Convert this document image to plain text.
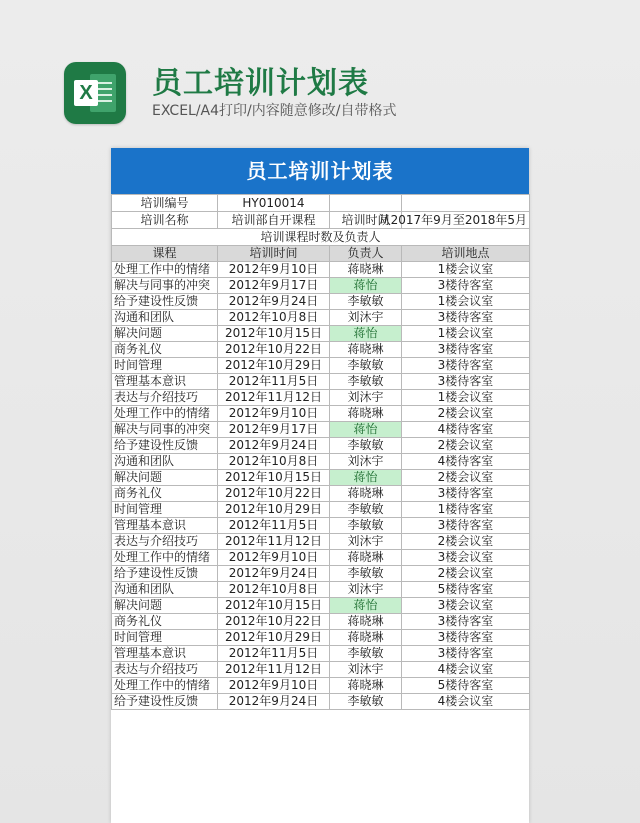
X 员工培训计划表
EXCEL/A4打印/内容随意修改/自带格式
员工培训计划表
培训编号	HY010014		
培训名称	培训部自开课程	培训时间	从2017年9月至2018年5月
培训课程时数及负责人			
课程	培训时间	负责人	培训地点
处理工作中的情绪	2012年9月10日	蒋晓琳	1楼会议室
解决与同事的冲突	2012年9月17日	蒋怡	3楼待客室
给予建设性反馈	2012年9月24日	李敏敏	1楼会议室
沟通和团队	2012年10月8日	刘沐宇	3楼待客室
解决问题	2012年10月15日	蒋怡	1楼会议室
商务礼仪	2012年10月22日	蒋晓琳	3楼待客室
时间管理	2012年10月29日	李敏敏	3楼待客室
管理基本意识	2012年11月5日	李敏敏	3楼待客室
表达与介绍技巧	2012年11月12日	刘沐宇	1楼会议室
处理工作中的情绪	2012年9月10日	蒋晓琳	2楼会议室
解决与同事的冲突	2012年9月17日	蒋怡	4楼待客室
给予建设性反馈	2012年9月24日	李敏敏	2楼会议室
沟通和团队	2012年10月8日	刘沐宇	4楼待客室
解决问题	2012年10月15日	蒋怡	2楼会议室
商务礼仪	2012年10月22日	蒋晓琳	3楼待客室
时间管理	2012年10月29日	李敏敏	1楼待客室
管理基本意识	2012年11月5日	李敏敏	3楼待客室
表达与介绍技巧	2012年11月12日	刘沐宇	2楼会议室
处理工作中的情绪	2012年9月10日	蒋晓琳	3楼会议室
给予建设性反馈	2012年9月24日	李敏敏	2楼会议室
沟通和团队	2012年10月8日	刘沐宇	5楼待客室
解决问题	2012年10月15日	蒋怡	3楼会议室
商务礼仪	2012年10月22日	蒋晓琳	3楼待客室
时间管理	2012年10月29日	蒋晓琳	3楼待客室
管理基本意识	2012年11月5日	李敏敏	3楼待客室
表达与介绍技巧	2012年11月12日	刘沐宇	4楼会议室
处理工作中的情绪	2012年9月10日	蒋晓琳	5楼待客室
给予建设性反馈	2012年9月24日	李敏敏	4楼会议室
